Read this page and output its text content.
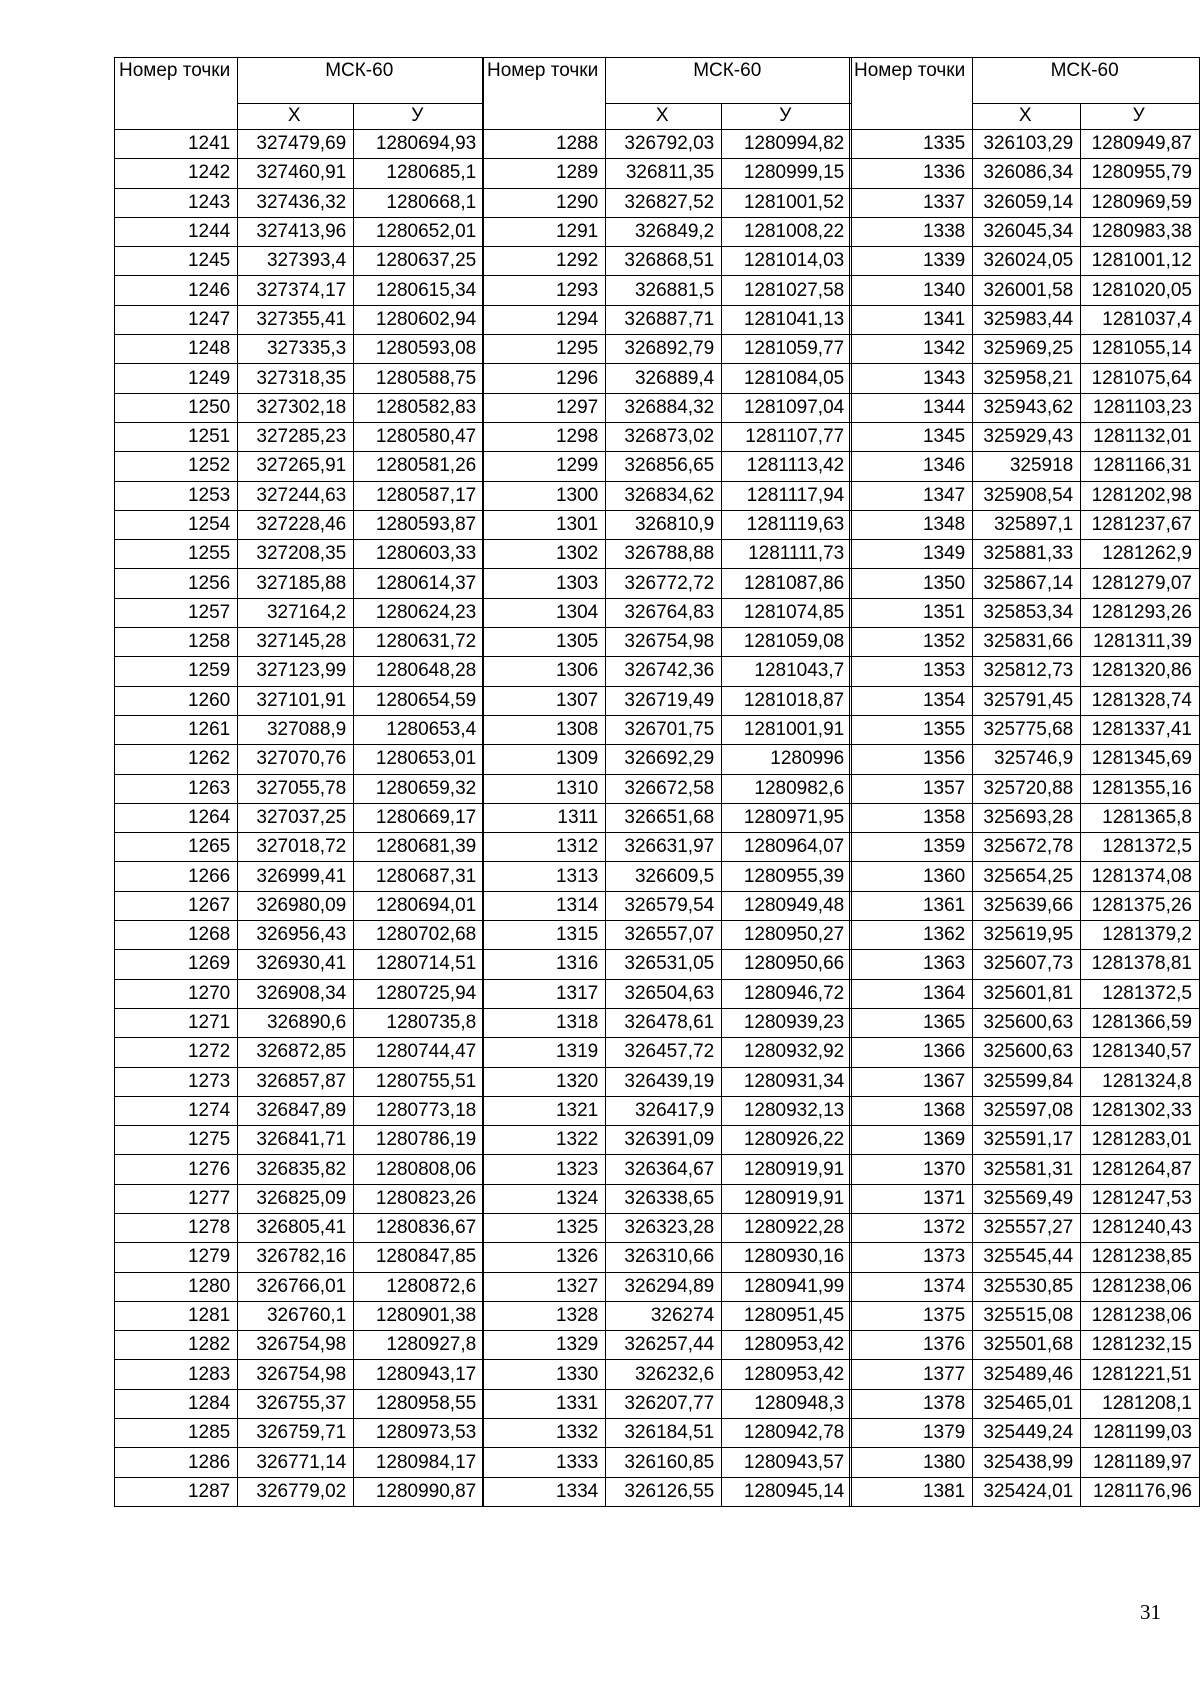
Номер точки	МСК-60	
	Х	У
1241	327479,69	1280694,93
1242	327460,91	1280685,1
1243	327436,32	1280668,1
1244	327413,96	1280652,01
1245	327393,4	1280637,25
1246	327374,17	1280615,34
1247	327355,41	1280602,94
1248	327335,3	1280593,08
1249	327318,35	1280588,75
1250	327302,18	1280582,83
1251	327285,23	1280580,47
1252	327265,91	1280581,26
1253	327244,63	1280587,17
1254	327228,46	1280593,87
1255	327208,35	1280603,33
1256	327185,88	1280614,37
1257	327164,2	1280624,23
1258	327145,28	1280631,72
1259	327123,99	1280648,28
1260	327101,91	1280654,59
1261	327088,9	1280653,4
1262	327070,76	1280653,01
1263	327055,78	1280659,32
1264	327037,25	1280669,17
1265	327018,72	1280681,39
1266	326999,41	1280687,31
1267	326980,09	1280694,01
1268	326956,43	1280702,68
1269	326930,41	1280714,51
1270	326908,34	1280725,94
1271	326890,6	1280735,8
1272	326872,85	1280744,47
1273	326857,87	1280755,51
1274	326847,89	1280773,18
1275	326841,71	1280786,19
1276	326835,82	1280808,06
1277	326825,09	1280823,26
1278	326805,41	1280836,67
1279	326782,16	1280847,85
1280	326766,01	1280872,6
1281	326760,1	1280901,38
1282	326754,98	1280927,8
1283	326754,98	1280943,17
1284	326755,37	1280958,55
1285	326759,71	1280973,53
1286	326771,14	1280984,17
1287	326779,02	1280990,87
Номер точки	МСК-60	
	Х	У
1288	326792,03	1280994,82
1289	326811,35	1280999,15
1290	326827,52	1281001,52
1291	326849,2	1281008,22
1292	326868,51	1281014,03
1293	326881,5	1281027,58
1294	326887,71	1281041,13
1295	326892,79	1281059,77
1296	326889,4	1281084,05
1297	326884,32	1281097,04
1298	326873,02	1281107,77
1299	326856,65	1281113,42
1300	326834,62	1281117,94
1301	326810,9	1281119,63
1302	326788,88	1281111,73
1303	326772,72	1281087,86
1304	326764,83	1281074,85
1305	326754,98	1281059,08
1306	326742,36	1281043,7
1307	326719,49	1281018,87
1308	326701,75	1281001,91
1309	326692,29	1280996
1310	326672,58	1280982,6
1311	326651,68	1280971,95
1312	326631,97	1280964,07
1313	326609,5	1280955,39
1314	326579,54	1280949,48
1315	326557,07	1280950,27
1316	326531,05	1280950,66
1317	326504,63	1280946,72
1318	326478,61	1280939,23
1319	326457,72	1280932,92
1320	326439,19	1280931,34
1321	326417,9	1280932,13
1322	326391,09	1280926,22
1323	326364,67	1280919,91
1324	326338,65	1280919,91
1325	326323,28	1280922,28
1326	326310,66	1280930,16
1327	326294,89	1280941,99
1328	326274	1280951,45
1329	326257,44	1280953,42
1330	326232,6	1280953,42
1331	326207,77	1280948,3
1332	326184,51	1280942,78
1333	326160,85	1280943,57
1334	326126,55	1280945,14
Номер точки	МСК-60	
	Х	У
1335	326103,29	1280949,87
1336	326086,34	1280955,79
1337	326059,14	1280969,59
1338	326045,34	1280983,38
1339	326024,05	1281001,12
1340	326001,58	1281020,05
1341	325983,44	1281037,4
1342	325969,25	1281055,14
1343	325958,21	1281075,64
1344	325943,62	1281103,23
1345	325929,43	1281132,01
1346	325918	1281166,31
1347	325908,54	1281202,98
1348	325897,1	1281237,67
1349	325881,33	1281262,9
1350	325867,14	1281279,07
1351	325853,34	1281293,26
1352	325831,66	1281311,39
1353	325812,73	1281320,86
1354	325791,45	1281328,74
1355	325775,68	1281337,41
1356	325746,9	1281345,69
1357	325720,88	1281355,16
1358	325693,28	1281365,8
1359	325672,78	1281372,5
1360	325654,25	1281374,08
1361	325639,66	1281375,26
1362	325619,95	1281379,2
1363	325607,73	1281378,81
1364	325601,81	1281372,5
1365	325600,63	1281366,59
1366	325600,63	1281340,57
1367	325599,84	1281324,8
1368	325597,08	1281302,33
1369	325591,17	1281283,01
1370	325581,31	1281264,87
1371	325569,49	1281247,53
1372	325557,27	1281240,43
1373	325545,44	1281238,85
1374	325530,85	1281238,06
1375	325515,08	1281238,06
1376	325501,68	1281232,15
1377	325489,46	1281221,51
1378	325465,01	1281208,1
1379	325449,24	1281199,03
1380	325438,99	1281189,97
1381	325424,01	1281176,96
31
